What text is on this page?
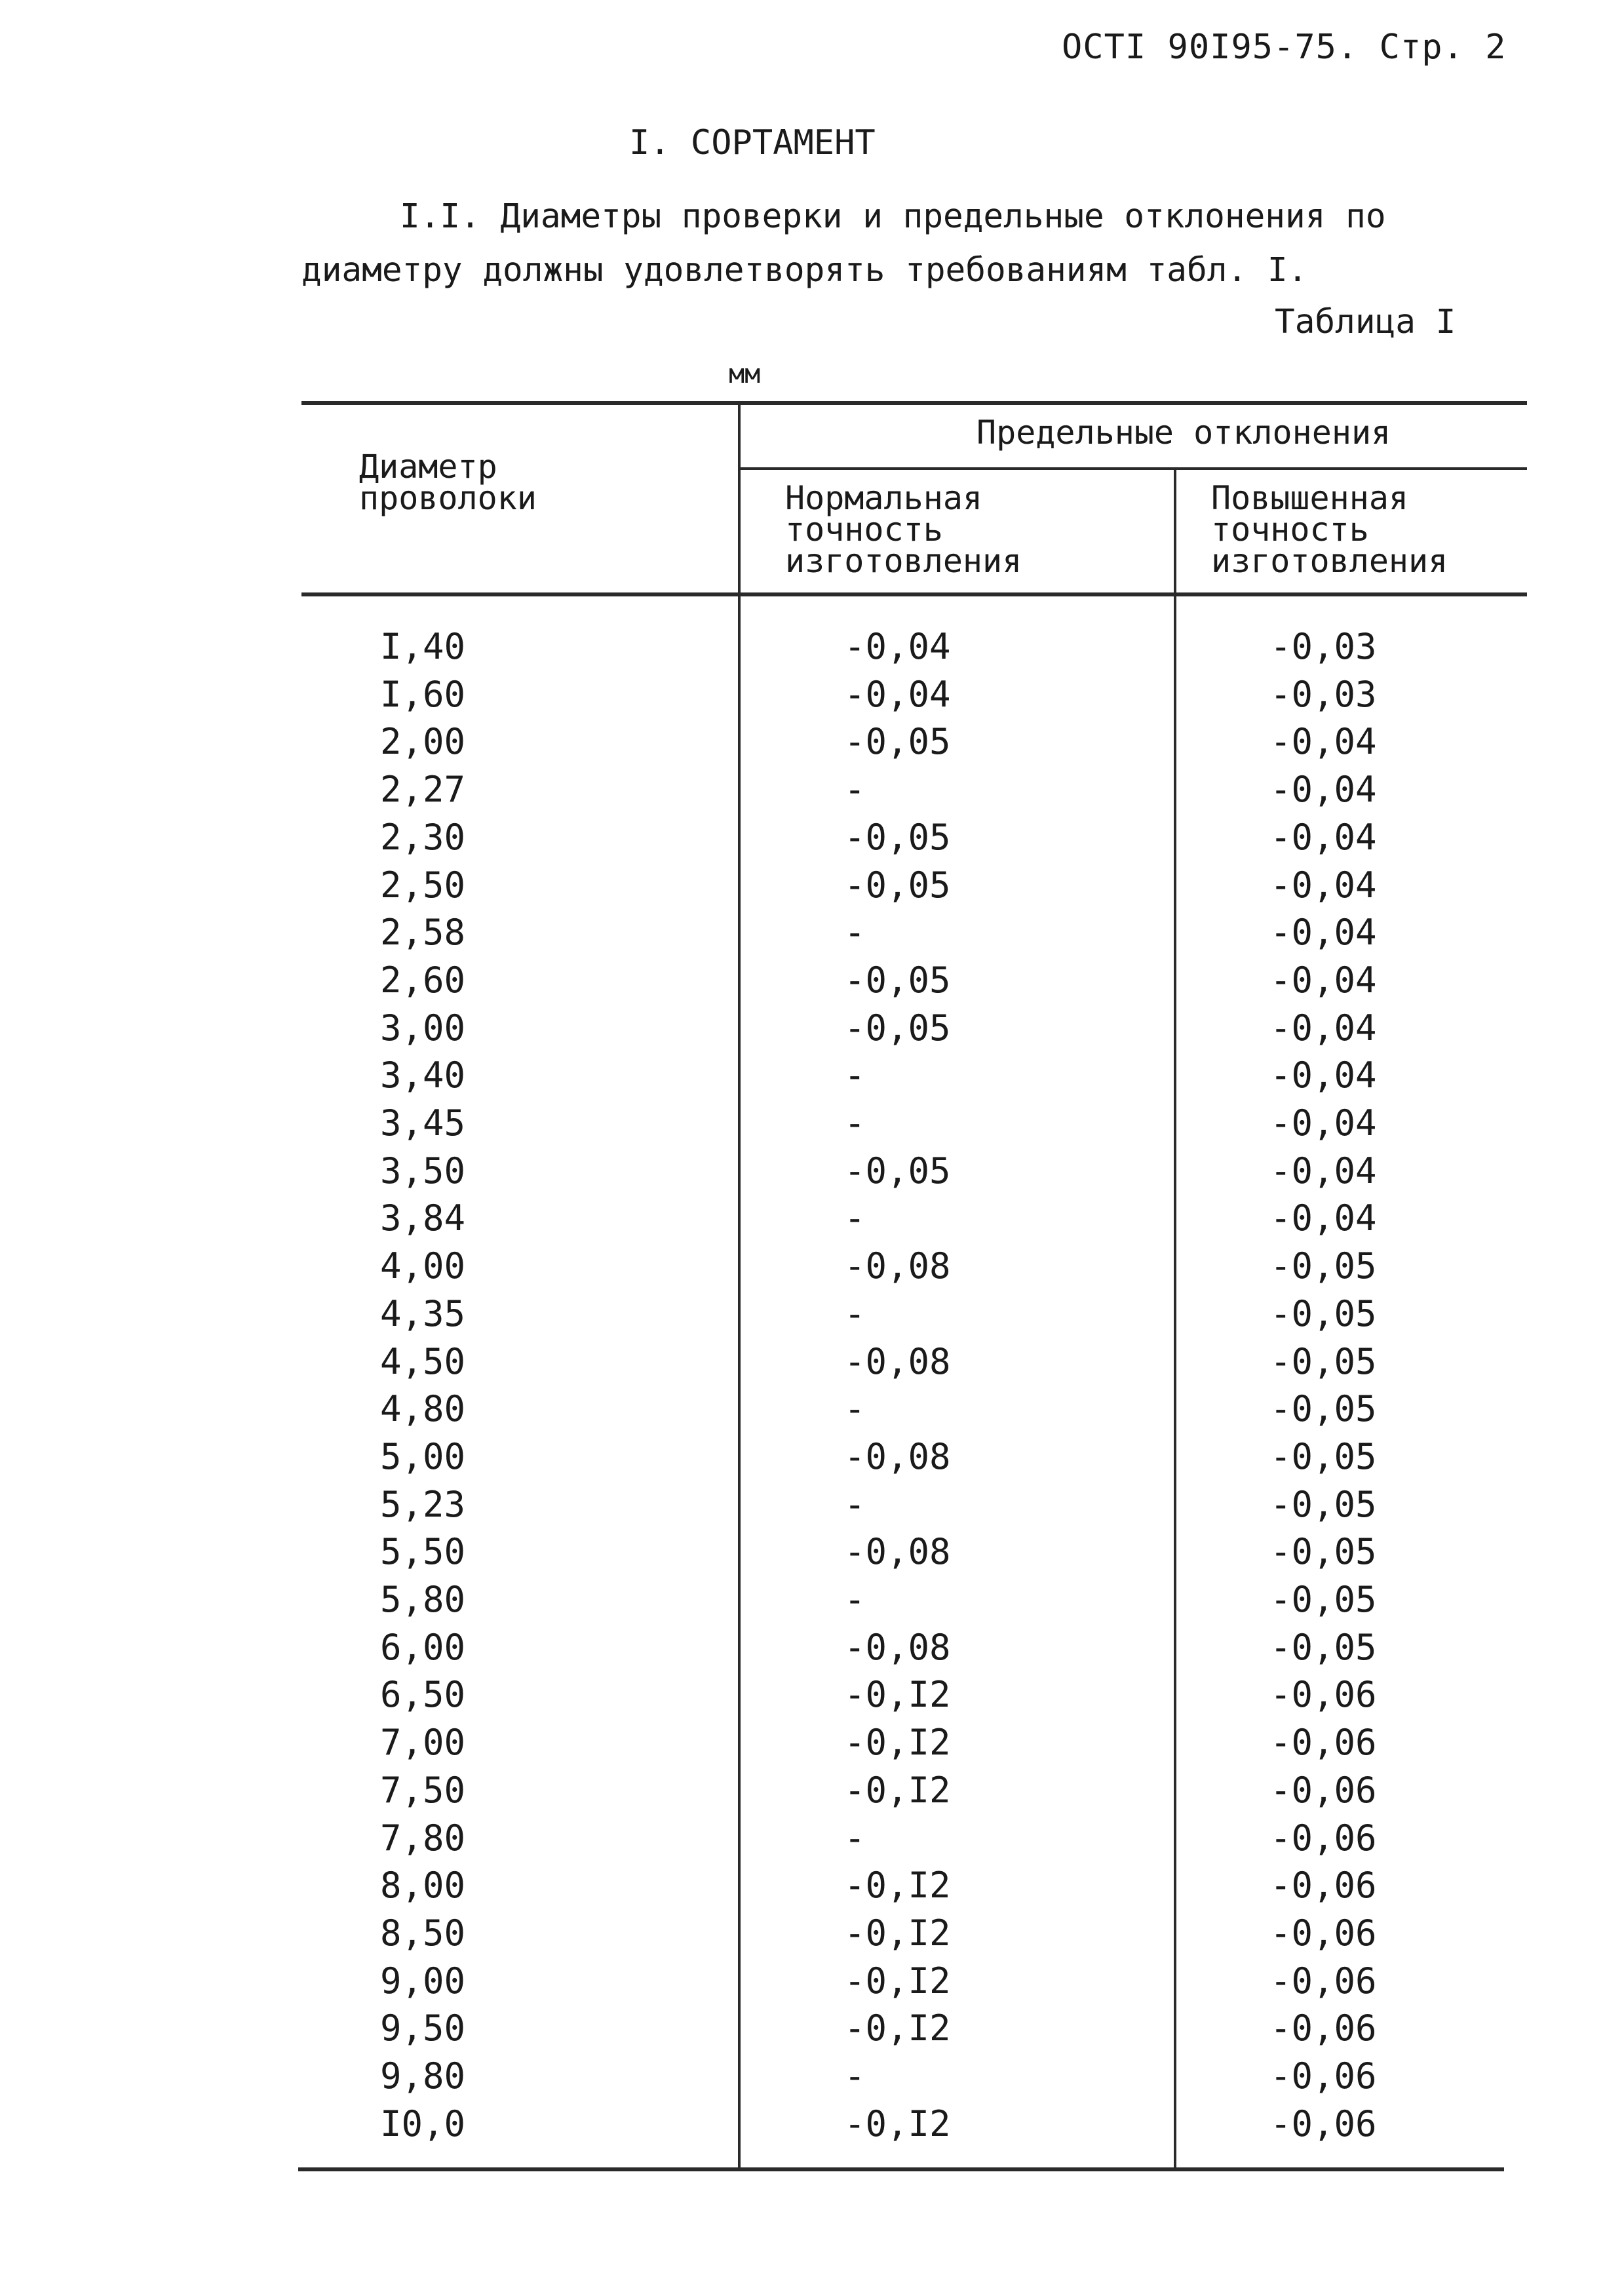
ОСТI 90I95-75. Стр. 2
I. СОРТАМЕНТ
I.I. Диаметры проверки и предельные отклонения по диаметру должны удовлетворять требованиям табл. I.
Таблица I
мм
Диаметр проволоки
Предельные отклонения
Нормальная точность изготовления
Повышенная точность изготовления
I,40	-0,04	-0,03
I,60	-0,04	-0,03
2,00	-0,05	-0,04
2,27	-	-0,04
2,30	-0,05	-0,04
2,50	-0,05	-0,04
2,58	-	-0,04
2,60	-0,05	-0,04
3,00	-0,05	-0,04
3,40	-	-0,04
3,45	-	-0,04
3,50	-0,05	-0,04
3,84	-	-0,04
4,00	-0,08	-0,05
4,35	-	-0,05
4,50	-0,08	-0,05
4,80	-	-0,05
5,00	-0,08	-0,05
5,23	-	-0,05
5,50	-0,08	-0,05
5,80	-	-0,05
6,00	-0,08	-0,05
6,50	-0,I2	-0,06
7,00	-0,I2	-0,06
7,50	-0,I2	-0,06
7,80	-	-0,06
8,00	-0,I2	-0,06
8,50	-0,I2	-0,06
9,00	-0,I2	-0,06
9,50	-0,I2	-0,06
9,80	-	-0,06
I0,0	-0,I2	-0,06
